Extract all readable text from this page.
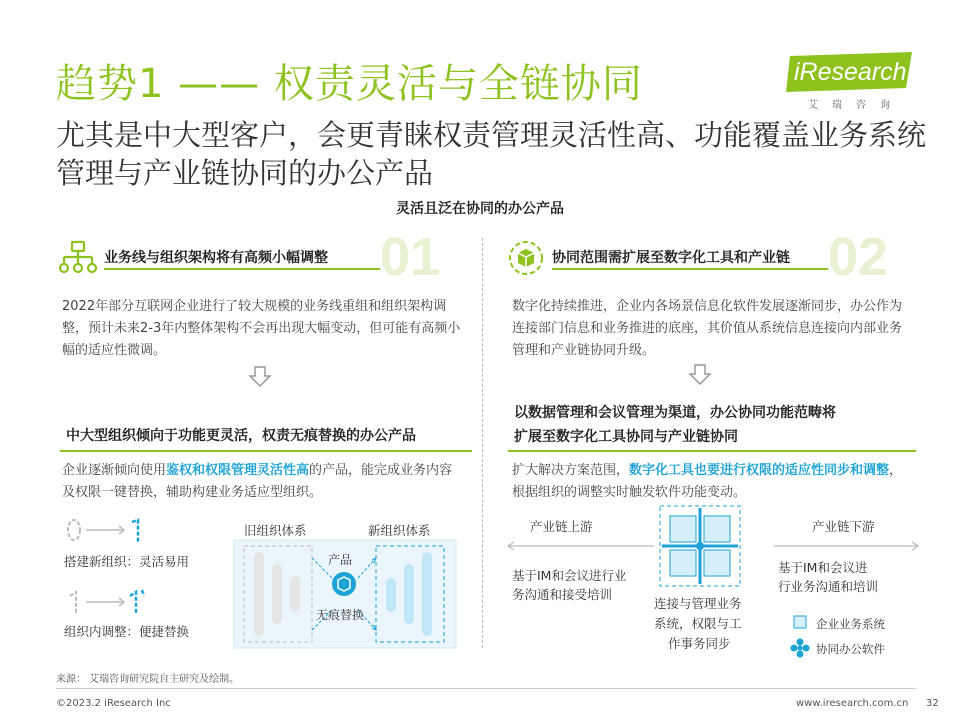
趋势1 —— 权责灵活与全链协同	iResearch
艾瑞咨询
尤其是中大型客户，会更青睐权责管理灵活性高、功能覆盖业务系统管理与产业链协同的办公产品
灵活且泛在协同的办公产品
业务线与组织架构将有高频小幅调整 01
2022年部分互联网企业进行了较大规模的业务线重组和组织架构调整，预计未来2-3年内整体架构不会再出现大幅变动，但可能有高频小幅的适应性微调。
中大型组织倾向于功能更灵活，权责无痕替换的办公产品
企业逐渐倾向使用鉴权和权限管理灵活性高的产品，能完成业务内容及权限一键替换，辅助构建业务适应型组织。
搭建新组织：灵活易用
组织内调整：便捷替换
旧组织体系	新组织体系
产品
无痕替换
协同范围需扩展至数字化工具和产业链 02
数字化持续推进，企业内各场景信息化软件发展逐渐同步，办公作为连接部门信息和业务推进的底座，其价值从系统信息连接向内部业务管理和产业链协同升级。
以数据管理和会议管理为渠道，办公协同功能范畴将
扩展至数字化工具协同与产业链协同
扩大解决方案范围，数字化工具也要进行权限的适应性同步和调整，根据组织的调整实时触发软件功能变动。
产业链上游	产业链下游
基于IM和会议进行业
务沟通和接受培训
基于IM和会议进
行业务沟通和培训
连接与管理业务
系统，权限与工
作事务同步
企业业务系统
协同办公软件
来源： 艾瑞咨询研究院自主研究及绘制。
©2023.2 iResearch Inc	www.iresearch.com.cn 32
